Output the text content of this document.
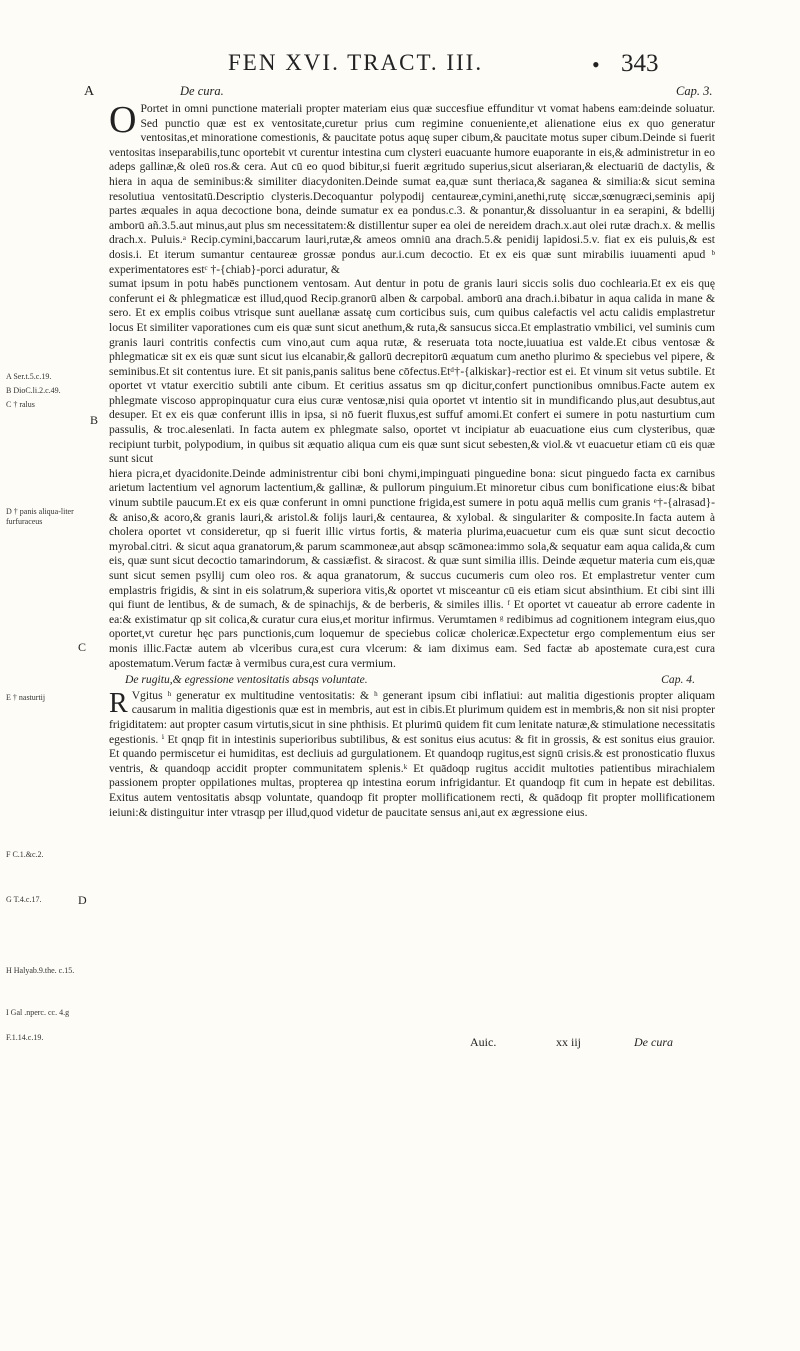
FEN XVI. TRACT. III.	• 343
A	De cura.	Cap. 3.
A Ser.t.5.c.19.
B DioC.li.2.c.49.
C † ralus
D † panis aliqua-liter furfuraceus
E † nasturtij
F C.1.&c.2.
G T.4.c.17.
H Halyab.9.the. c.15.
I Gal .nperc. cc. 4.g
F.1.14.c.19.
B
C
D

O Portet in omni punctione materiali propter materiam eius quæ succesfiue effunditur vt vomat habens eam:deinde soluatur. Sed punctio quæ est ex ventositate,curetur prius cum regimine conueniente,et alienatione eius ex quo generatur ventositas,et minoratione comestionis, & paucitate potus aquę super cibum,& paucitate motus super cibum.Deinde si fuerit ventositas inseparabilis,tunc oportebit vt curentur intestina cum clysteri euacuante humore euaporante in eis,& administretur in eo adeps gallinæ,& oleū ros.& cera. Aut cū eo quod bibitur,si fuerit ægritudo superius,sicut alseriaran,& electuariū de dactylis, & hiera in aqua de seminibus:& similiter diacydoniten.Deinde sumat ea,quæ sunt theriaca,& saganea & similia:& sicut semina resolutiua ventositatū.Descriptio clysteris.Decoquantur polypodij centaureæ,cymini,anethi,rutę siccæ,sœnugræci,seminis apij partes æquales in aqua decoctione bona, deinde sumatur ex ea pondus.c.3. & ponantur,& dissoluantur in ea serapini, & bdellij amborū añ.3.5.aut minus,aut plus sm necessitatem:& distillentur super ea olei de nereidem drach.x.aut olei rutæ drach.x. & mellis drach.x. Puluis.ᵃ Recip.cymini,baccarum lauri,rutæ,& ameos omniū ana drach.5.& penidij lapidosi.5.v. fiat ex eis puluis,& est dosis.i. Et iterum sumantur centaureæ grossæ pondus aur.i.cum decoctio. Et ex eis quæ sunt mirabilis iuuamenti apud ᵇ experimentatores estᶜ †-{chiab}-porci aduratur, &

sumat ipsum in potu habēs punctionem ventosam. Aut dentur in potu de granis lauri siccis solis duo cochlearia.Et ex eis quę conferunt ei & phlegmaticæ est illud,quod Recip.granorū alben & carpobal. amborū ana drach.i.bibatur in aqua calida in mane & sero. Et ex emplis coibus vtrisque sunt auellanæ assatę cum corticibus suis, cum quibus calefactis vel actu calidis emplastretur locus Et similiter vaporationes cum eis quæ sunt sicut anethum,& ruta,& sansucus sicca.Et emplastratio vmbilici, vel suminis cum granis lauri contritis confectis cum vino,aut cum aqua rutæ, & reseruata tota nocte,iuuatiua est valde.Et cibus ventosæ & phlegmaticæ sit ex eis quæ sunt sicut ius elcanabir,& gallorū decrepitorū æquatum cum anetho plurimo & speciebus vel pipere, & seminibus.Et sit contentus iure. Et sit panis,panis salitus bene cōfectus.Etᵈ†-{alkiskar}-rectior est ei. Et vinum sit vetus subtile. Et oportet vt vtatur exercitio subtili ante cibum. Et ceritius assatus sm qp dicitur,confert punctionibus omnibus.Facte autem ex phlegmate viscoso appropinquatur cura eius curæ ventosæ,nisi quia oportet vt intentio sit in mundificando plus,aut desubtus,aut desuper. Et ex eis quæ conferunt illis in ipsa, si nō fuerit fluxus,est suffuf amomi.Et confert ei sumere in potu nasturtium cum passulis, & troc.alesenlati. In facta autem ex phlegmate salso, oportet vt incipiatur ab euacuatione eius cum clysteribus, quæ recipiunt turbit, polypodium, in quibus sit æquatio aliqua cum eis quæ sunt sicut sebesten,& viol.& vt euacuetur etiam cū eis quæ sunt sicut

hiera picra,et dyacidonite.Deinde administrentur cibi boni chymi,impinguati pinguedine bona: sicut pinguedo facta ex carnibus arietum lactentium vel agnorum lactentium,& gallinæ, & pullorum pinguium.Et minoretur cibus cum bonificatione eius:& bibat vinum subtile paucum.Et ex eis quæ conferunt in omni punctione frigida,est sumere in potu aquā mellis cum granis ᵉ†-{alrasad}-& aniso,& acoro,& granis lauri,& aristol.& folijs lauri,& centaurea, & xylobal. & singulariter & composite.In facta autem à cholera oportet vt consideretur, qp si fuerit illic virtus fortis, & materia plurima,euacuetur cum eis quæ sunt sicut decoctio myrobal.citri. & sicut aqua granatorum,& parum scammoneæ,aut absqp scāmonea:immo sola,& sequatur eam aqua calida,& cum eis, quæ sunt sicut decoctio tamarindorum, & cassiæfist. & siracost. & quæ sunt similia illis. Deinde æquetur materia cum eis,quæ sunt sicut semen psyllij cum oleo ros. & aqua granatorum, & succus cucumeris cum oleo ros. Et emplastretur venter cum emplastris frigidis, & sint in eis solatrum,& superiora vitis,& oportet vt misceantur cū eis etiam sicut absinthium. Et cibi sint illi qui fiunt de lentibus, & de sumach, & de spinachijs, & de berberis, & similes illis. ᶠ Et oportet vt caueatur ab errore cadente in ea:& existimatur qp sit colica,& curatur cura eius,et moritur infirmus. Verumtamen ᵍ redibimus ad cognitionem integram eius,quo oportet,vt curetur hęc pars punctionis,cum loquemur de speciebus colicæ cholericæ.Expectetur ergo complementum eius ser monis illic.Factæ autem ab vlceribus cura,est cura vlcerum: & iam diximus eam. Sed factæ ab apostemate cura,est cura apostematum.Verum factæ à vermibus cura,est cura vermium.

De rugitu,& egressione ventositatis absqs voluntate.	Cap. 4.

R Vgitus ʰ generatur ex multitudine ventositatis: & ʰ generant ipsum cibi inflatiui: aut malitia digestionis propter aliquam causarum in malitia digestionis quæ est in membris, aut est in cibis.Et plurimum quidem est in membris,& non sit nisi propter frigiditatem: aut propter casum virtutis,sicut in sine phthisis. Et plurimū quidem fit cum lenitate naturæ,& stimulatione necessitatis egestionis. ⁱ Et qnqp fit in intestinis superioribus subtilibus, & est sonitus eius acutus: & fit in grossis, & est sonitus eius grauior. Et quando permiscetur ei humiditas, est decliuis ad gurgulationem. Et quandoqp rugitus,est signū crisis.& est pronosticatio fluxus ventris, & quandoqp accidit propter communitatem splenis.ᵏ Et quādoqp rugitus accidit multoties patientibus mirachialem passionem propter oppilationes multas, propterea qp intestina eorum infrigidantur. Et quandoqp fit cum in hepate est debilitas. Exitus autem ventositatis absqp voluntate, quandoqp fit propter mollificationem recti, & quādoqp fit propter mollificationem ieiuni:& distinguitur inter vtrasqp per illud,quod videtur de paucitate sensus ani,aut ex ægressione eius.

Auic.	xx iij	De cura
